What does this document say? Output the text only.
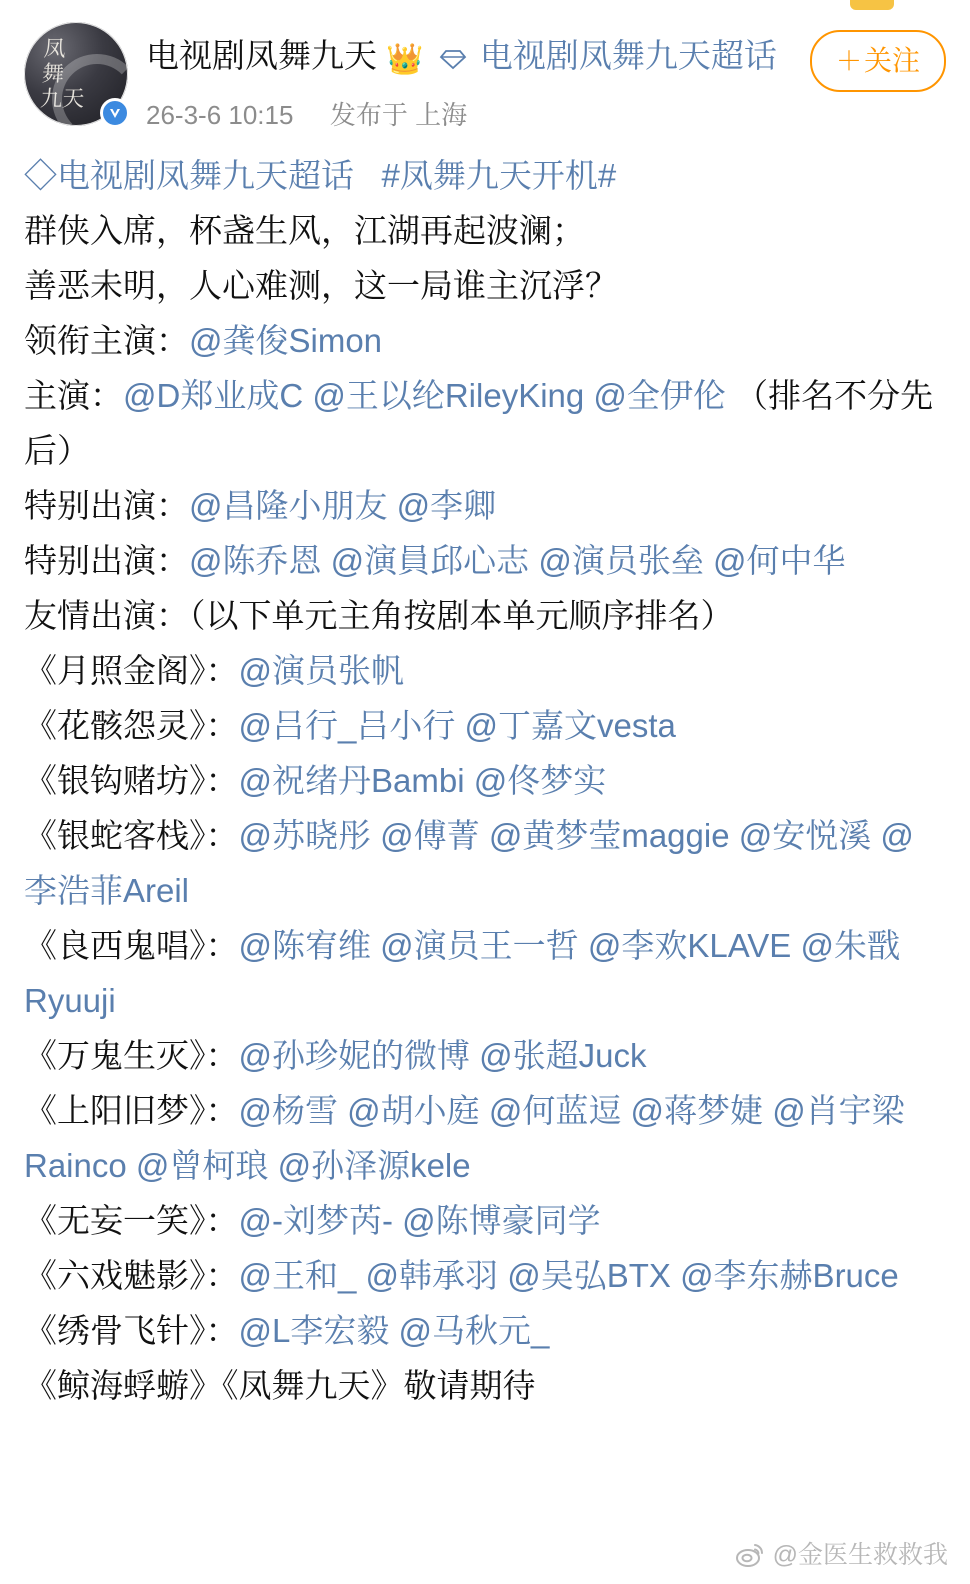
凤
舞
九天
电视剧凤舞九天 👑 电视剧凤舞九天超话
26-3-6 10:15 发布于 上海
＋关注
◇电视剧凤舞九天超话 #凤舞九天开机#

群侠入席，杯盏生风，江湖再起波澜；
善恶未明，人心难测，这一局谁主沉浮？
领衔主演：@龚俊Simon
主演：@D郑业成C @王以纶RileyKing @全伊伦 （排名不分先后）
特别出演：@昌隆小朋友 @李卿
特别出演：@陈乔恩 @演員邱心志 @演员张垒 @何中华
友情出演：（以下单元主角按剧本单元顺序排名）
《月照金阁》：@演员张帆
《花骸怨灵》：@吕行_吕小行 @丁嘉文vesta
《银钩赌坊》：@祝绪丹Bambi @佟梦实
《银蛇客栈》：@苏晓彤 @傅菁 @黄梦莹maggie @安悦溪 @李浩菲Areil
《良西鬼唱》：@陈宥维 @演员王一哲 @李欢KLAVE @朱戬Ryuuji
《万鬼生灭》：@孙珍妮的微博 @张超Juck
《上阳旧梦》：@杨雪 @胡小庭 @何蓝逗 @蒋梦婕 @肖宇梁Rainco @曾柯琅 @孙泽源kele
《无妄一笑》：@-刘梦芮- @陈博豪同学
《六戏魅影》：@王和_ @韩承羽 @吴弘BTX @李东赫Bruce
《绣骨飞针》：@L李宏毅 @马秋元_
《鲸海蜉蝣》《凤舞九天》敬请期待
@金医生救救我
